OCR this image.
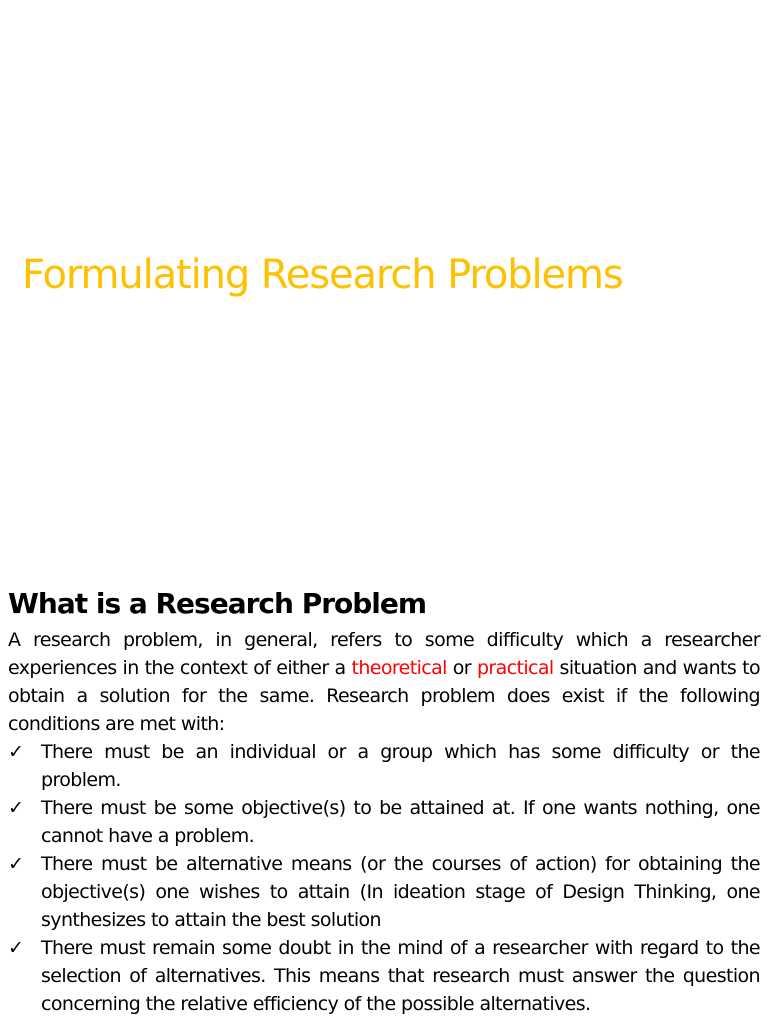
Formulating Research Problems
What is a Research Problem

A research problem, in general, refers to some difficulty which a researcher experiences in the context of either a theoretical or practical situation and wants to obtain a solution for the same. Research problem does exist if the following conditions are met with:

✓ There must be an individual or a group which has some difficulty or the problem.
✓ There must be some objective(s) to be attained at. If one wants nothing, one cannot have a problem.
✓ There must be alternative means (or the courses of action) for obtaining the objective(s) one wishes to attain (In ideation stage of Design Thinking, one synthesizes to attain the best solution
✓ There must remain some doubt in the mind of a researcher with regard to the selection of alternatives. This means that research must answer the question concerning the relative efficiency of the possible alternatives.
